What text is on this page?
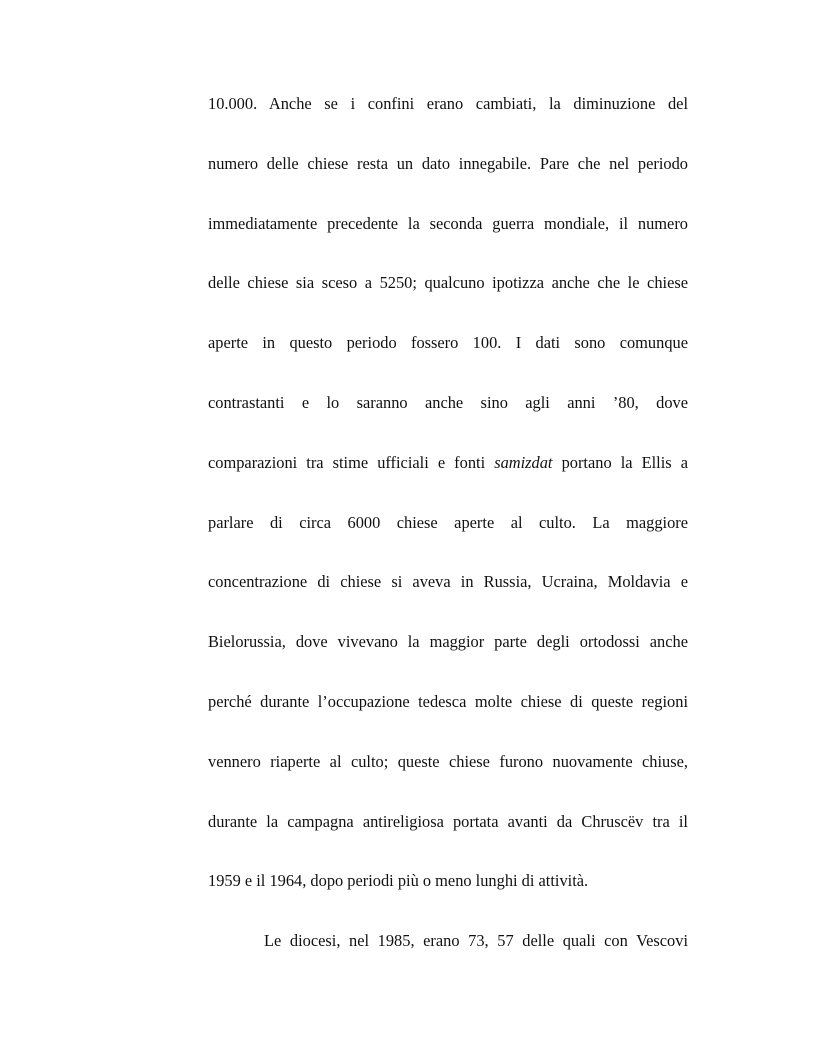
10.000. Anche se i confini erano cambiati, la diminuzione del
numero delle chiese resta un dato innegabile. Pare che nel periodo
immediatamente precedente la seconda guerra mondiale, il numero
delle chiese sia sceso a 5250; qualcuno ipotizza anche che le chiese
aperte in questo periodo fossero 100. I dati sono comunque
contrastanti e lo saranno anche sino agli anni ’80, dove
comparazioni tra stime ufficiali e fonti samizdat portano la Ellis a
parlare di circa 6000 chiese aperte al culto. La maggiore
concentrazione di chiese si aveva in Russia, Ucraina, Moldavia e
Bielorussia, dove vivevano la maggior parte degli ortodossi anche
perché durante l’occupazione tedesca molte chiese di queste regioni
vennero riaperte al culto; queste chiese furono nuovamente chiuse,
durante la campagna antireligiosa portata avanti da Chruscëv tra il
1959 e il 1964, dopo periodi più o meno lunghi di attività.
Le diocesi, nel 1985, erano 73, 57 delle quali con Vescovi
